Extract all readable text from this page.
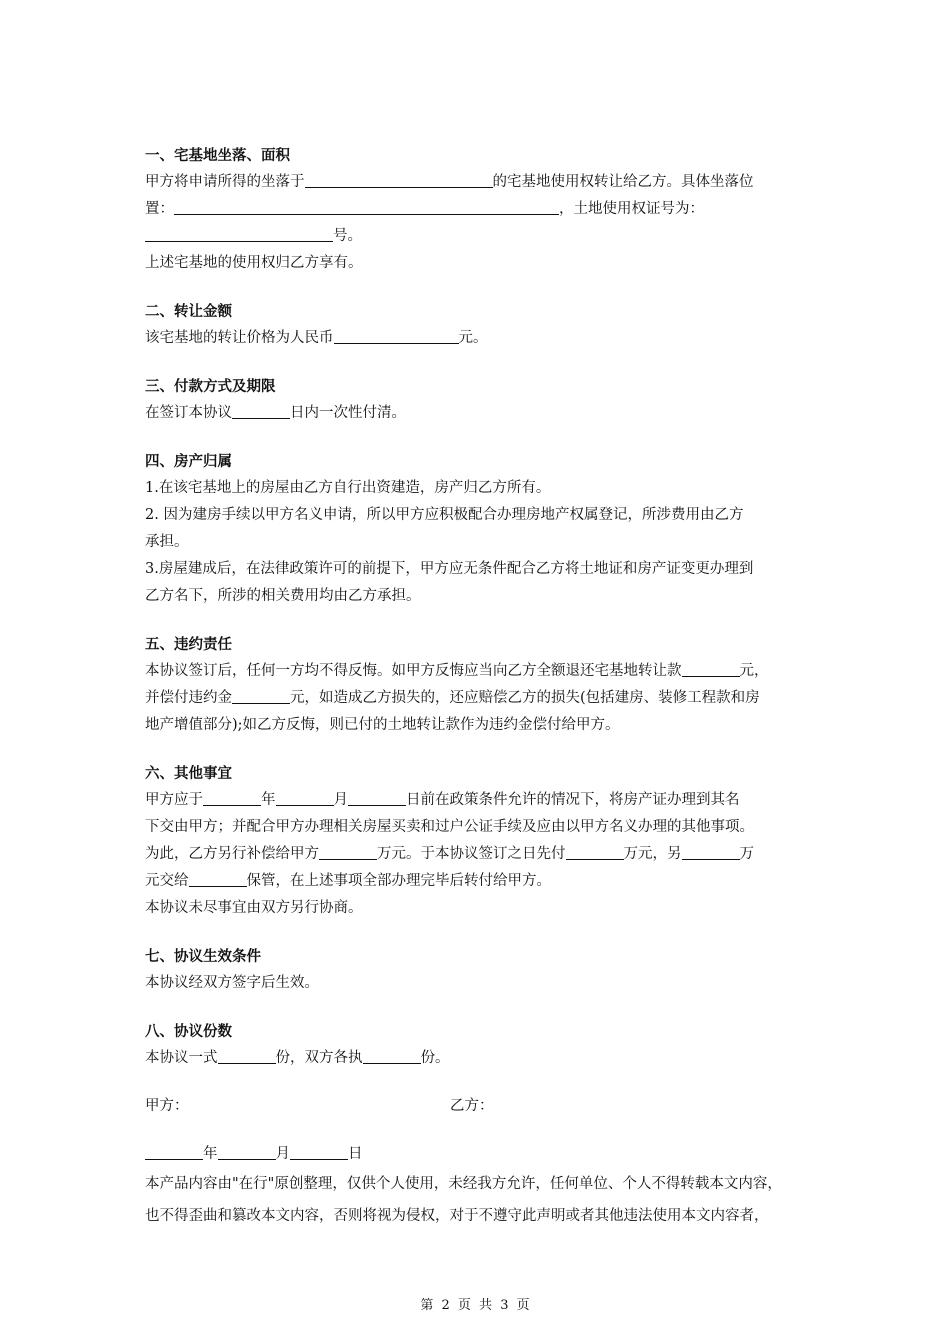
一、宅基地坐落、面积
甲方将申请所得的坐落于	的宅基地使用权转让给乙方。具体坐落位
置：	，土地使用权证号为：
号。
上述宅基地的使用权归乙方享有。
二、转让金额
该宅基地的转让价格为人民币	元。
三、付款方式及期限
在签订本协议	日内一次性付清。
四、房产归属
1.在该宅基地上的房屋由乙方自行出资建造，房产归乙方所有。
2. 因为建房手续以甲方名义申请，所以甲方应积极配合办理房地产权属登记，所涉费用由乙方
承担。
3.房屋建成后，在法律政策许可的前提下，甲方应无条件配合乙方将土地证和房产证变更办理到
乙方名下，所涉的相关费用均由乙方承担。
五、违约责任
本协议签订后，任何一方均不得反悔。如甲方反悔应当向乙方全额退还宅基地转让款	元，
并偿付违约金	元，如造成乙方损失的，还应赔偿乙方的损失(包括建房、装修工程款和房
地产增值部分);如乙方反悔，则已付的土地转让款作为违约金偿付给甲方。
六、其他事宜
甲方应于	年	月	日前在政策条件允许的情况下，将房产证办理到其名
下交由甲方；并配合甲方办理相关房屋买卖和过户公证手续及应由以甲方名义办理的其他事项。
为此，乙方另行补偿给甲方	万元。于本协议签订之日先付	万元，另	万
元交给	保管，在上述事项全部办理完毕后转付给甲方。
本协议未尽事宜由双方另行协商。
七、协议生效条件
本协议经双方签字后生效。
八、协议份数
本协议一式	份，双方各执	份。
甲方：	乙方：
年	月	日
本产品内容由"在行"原创整理，仅供个人使用，未经我方允许，任何单位、个人不得转载本文内容，
也不得歪曲和篡改本文内容，否则将视为侵权，对于不遵守此声明或者其他违法使用本文内容者，
第 2 页 共 3 页
